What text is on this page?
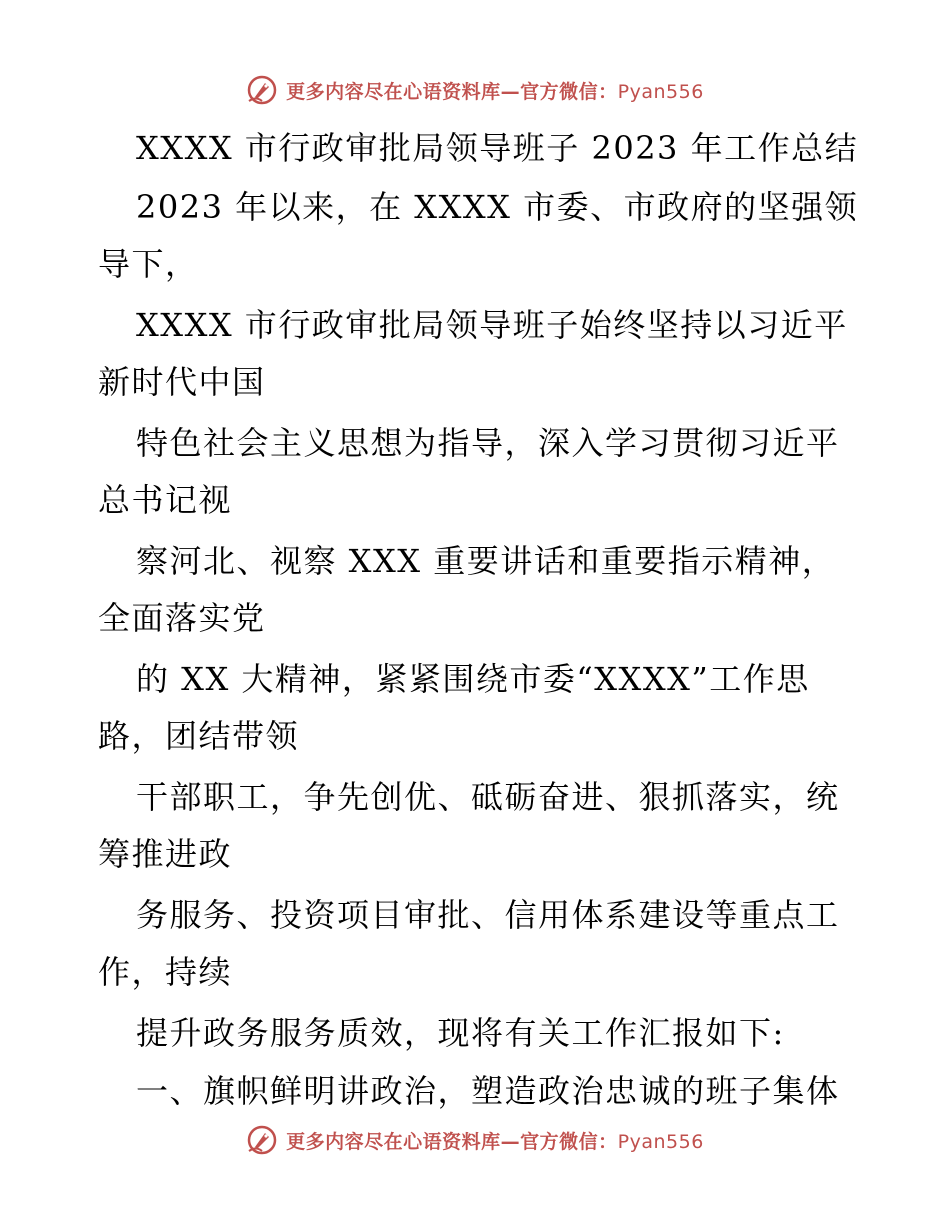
更多内容尽在心语资料库—官方微信：Pyan556
XXXX 市行政审批局领导班子 2023 年工作总结
2023 年以来，在 XXXX 市委、市政府的坚强领
导下，
XXXX 市行政审批局领导班子始终坚持以习近平
新时代中国
特色社会主义思想为指导，深入学习贯彻习近平
总书记视
察河北、视察 XXX 重要讲话和重要指示精神，
全面落实党
的 XX 大精神，紧紧围绕市委“XXXX”工作思
路，团结带领
干部职工，争先创优、砥砺奋进、狠抓落实，统
筹推进政
务服务、投资项目审批、信用体系建设等重点工
作，持续
提升政务服务质效，现将有关工作汇报如下:
一、旗帜鲜明讲政治，塑造政治忠诚的班子集体
更多内容尽在心语资料库—官方微信：Pyan556
